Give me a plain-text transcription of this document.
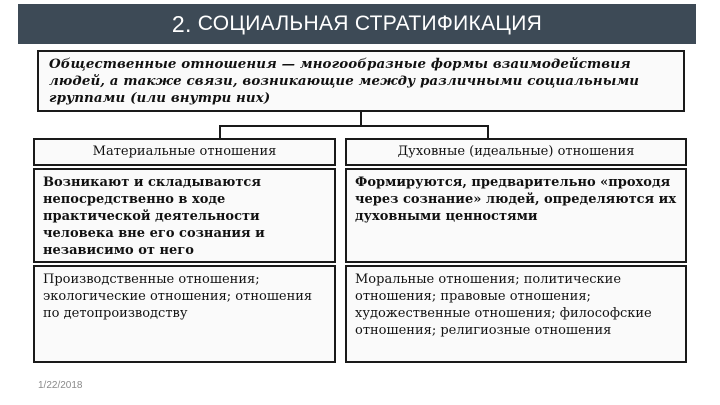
2. СОЦИАЛЬНАЯ СТРАТИФИКАЦИЯ
Общественные отношения — многообразные формы взаимодействия людей, а также связи, возникающие между различными социальными группами (или внутри них)
Материальные отношения	Духовные (идеальные) отношения
Возникают и складываются непосредственно в ходе практической деятельности человека вне его сознания и независимо от него
Формируются, предварительно «проходя через сознание» людей, определяются их духовными ценностями
Производственные отношения; экологические отношения; отношения по детопроизводству
Моральные отношения; политические отношения; правовые отношения; художественные отношения; философские отношения; религиозные отношения
1/22/2018
